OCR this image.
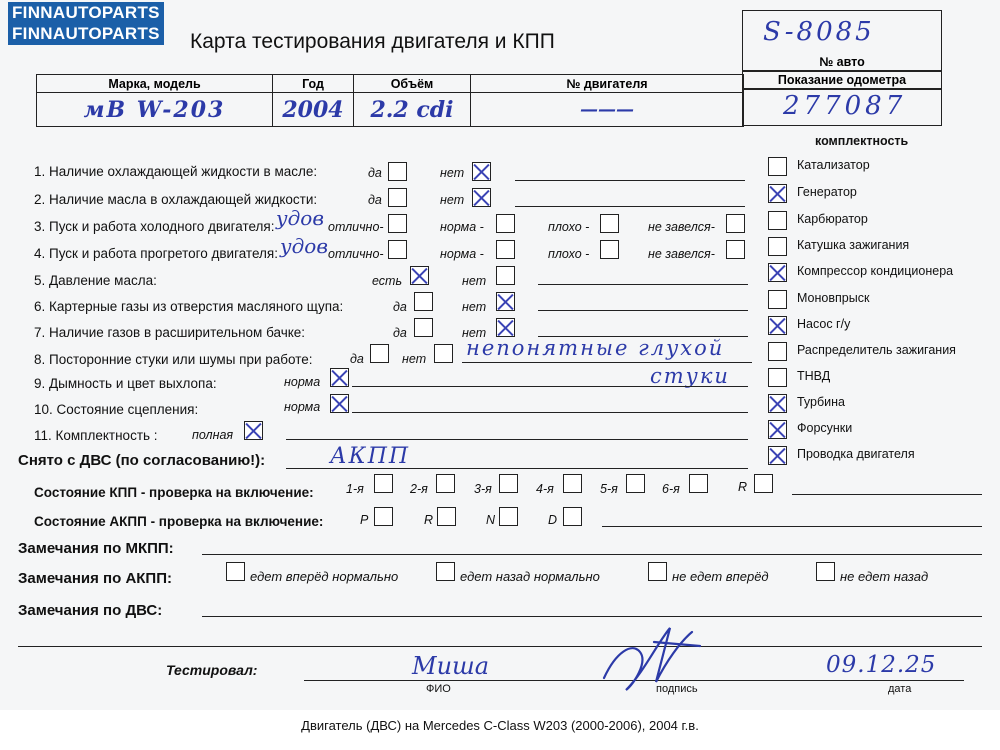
FINNAUTOPARTS
FINNAUTOPARTS Карта тестирования двигателя и КПП	S-8085
№ авто
Показание одометра
277087
Марка, модель	Год	Объём	№ двигателя
мВ W-203	2004	2.2 cdi	———
комплектность
Катализатор
Генератор
Карбюратор
Катушка зажигания
Компрессор кондиционера
Моновпрыск
Насос г/у
Распределитель зажигания
ТНВД
Турбина
Форсунки
Проводка двигателя
1. Наличие охлаждающей жидкости в масле:	да	нет
2. Наличие масла в охлаждающей жидкости:	да	нет
3. Пуск и работа холодного двигателя: удов отлично-	норма -	плохо -	не завелся-
4. Пуск и работа прогретого двигателя: удов отлично-	норма -	плохо -	не завелся-
5. Давление масла:	есть	нет
6. Картерные газы из отверстия масляного щупа:	да	нет
7. Наличие газов в расширительном бачке:	да	нет
8. Посторонние стуки или шумы при работе:	да	нет непонятные глухой
стуки
9. Дымность и цвет выхлопа:	норма
10. Состояние сцепления:	норма
11. Комплектность :	полная
Снято с ДВС (по согласованию!):	АКПП
Состояние КПП - проверка на включение:	1-я	2-я	3-я	4-я	5-я	6-я	R
Состояние АКПП - проверка на включение:	P	R	N	D
Замечания по МКПП:
Замечания по АКПП:	едет вперёд нормально	едет назад нормально	не едет вперёд	не едет назад
Замечания по ДВС:
Тестировал:	Миша
ФИО	подпись	дата
09.12.25
Двигатель (ДВС) на Mercedes C-Class W203 (2000-2006), 2004 г.в.
